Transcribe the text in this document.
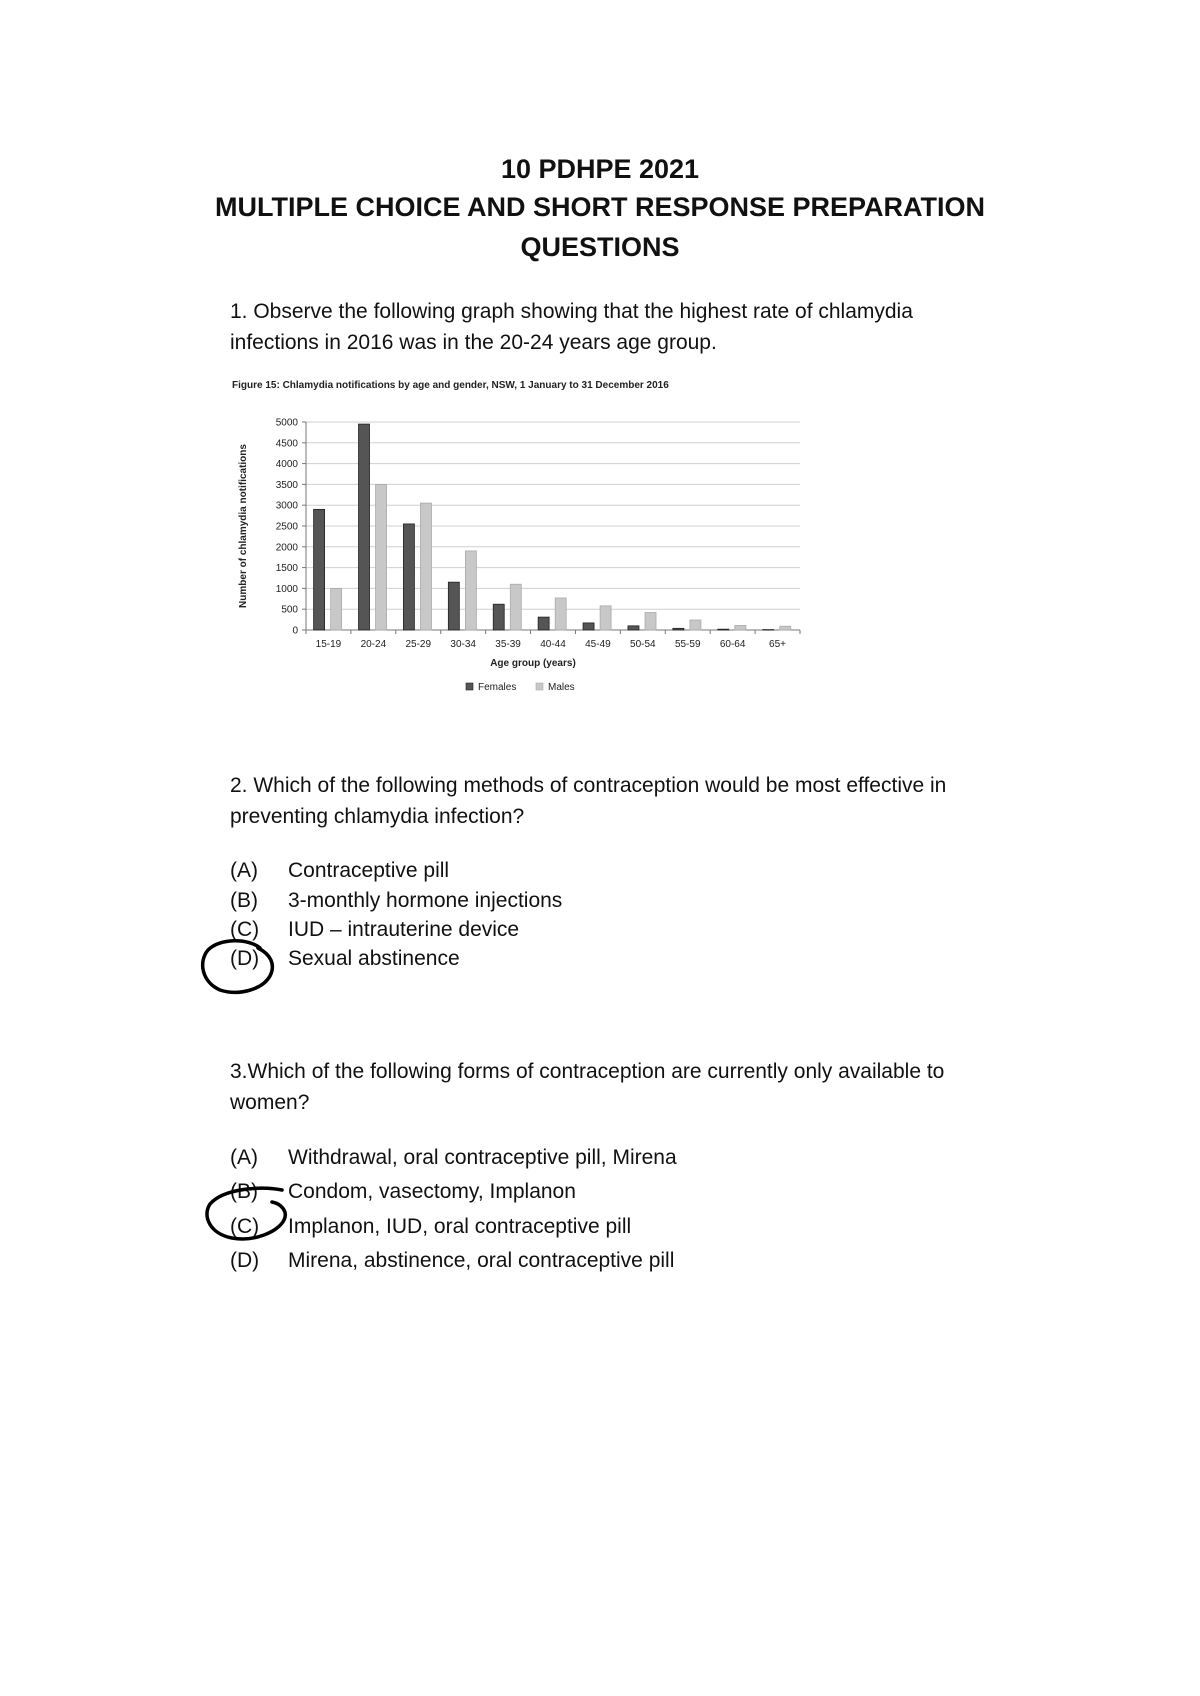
10 PDHPE 2021
MULTIPLE CHOICE AND SHORT RESPONSE PREPARATION
QUESTIONS
1. Observe the following graph showing that the highest rate of chlamydia
infections in 2016 was in the 20-24 years age group.
Figure 15: Chlamydia notifications by age and gender, NSW, 1 January to 31 December 2016
0
500
1000
1500
2000
2500
3000
3500
4000
4500
5000
Number of chlamydia notifications
15-19 20-24 25-29 30-34 35-39 40-44 45-49 50-54 55-59 60-64 65+
Age group (years)
Females	Males
2. Which of the following methods of contraception would be most effective in
preventing chlamydia infection?
(A) Contraceptive pill
(B) 3-monthly hormone injections
(C) IUD – intrauterine device
(D) Sexual abstinence
3.Which of the following forms of contraception are currently only available to
women?
(A) Withdrawal, oral contraceptive pill, Mirena
(B) Condom, vasectomy, Implanon
(C) Implanon, IUD, oral contraceptive pill
(D) Mirena, abstinence, oral contraceptive pill
